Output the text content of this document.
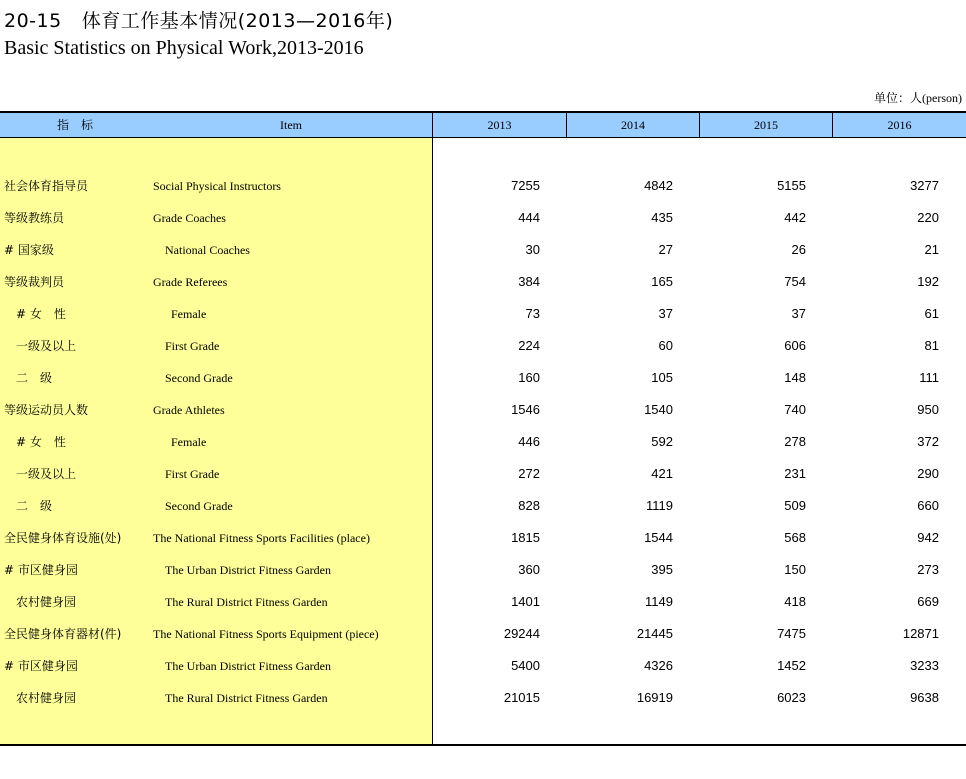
20-15 体育工作基本情况(2013—2016年)
Basic Statistics on Physical Work,2013-2016
单位：人(person)
指　标	Item	2013	2014	2015	2016
社会体育指导员	Social Physical Instructors	7255	4842	5155	3277
等级教练员	Grade Coaches	444	435	442	220
# 国家级	National Coaches	30	27	26	21
等级裁判员	Grade Referees	384	165	754	192
# 女　性	Female	73	37	37	61
一级及以上	First Grade	224	60	606	81
二　级	Second Grade	160	105	148	111
等级运动员人数	Grade Athletes	1546	1540	740	950
# 女　性	Female	446	592	278	372
一级及以上	First Grade	272	421	231	290
二　级	Second Grade	828	1119	509	660
全民健身体育设施(处)	The National Fitness Sports Facilities (place)	1815	1544	568	942
# 市区健身园	The Urban District Fitness Garden	360	395	150	273
农村健身园	The Rural District Fitness Garden	1401	1149	418	669
全民健身体育器材(件)	The National Fitness Sports Equipment (piece)	29244	21445	7475	12871
# 市区健身园	The Urban District Fitness Garden	5400	4326	1452	3233
农村健身园	The Rural District Fitness Garden	21015	16919	6023	9638
